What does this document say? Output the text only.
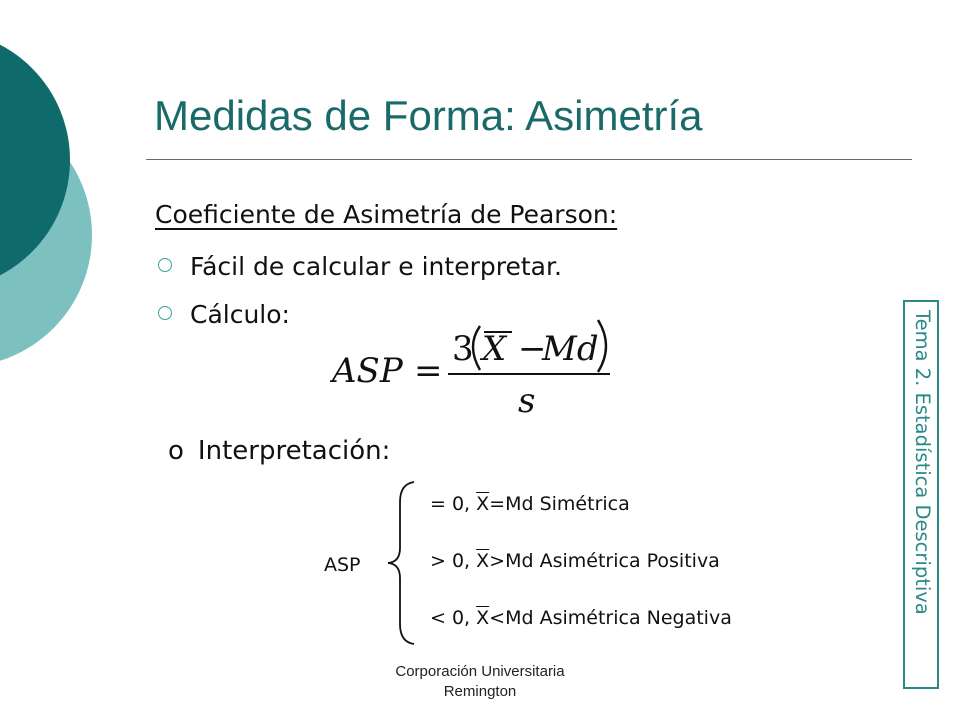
Medidas de Forma: Asimetría
Coeficiente de Asimetría de Pearson:
Fácil de calcular e interpretar.
Cálculo:
ASP =
3 X −
Md
s
o Interpretación:
ASP
= 0, $\overline{X}=Md$ Simétrica
> 0, $\overline{X}>Md$ Asimétrica Positiva
< 0, $\overline{X}<Md$ Asimétrica Negativa
Tema 2. Estadística Descriptiva
Corporación Universitaria
Remington
